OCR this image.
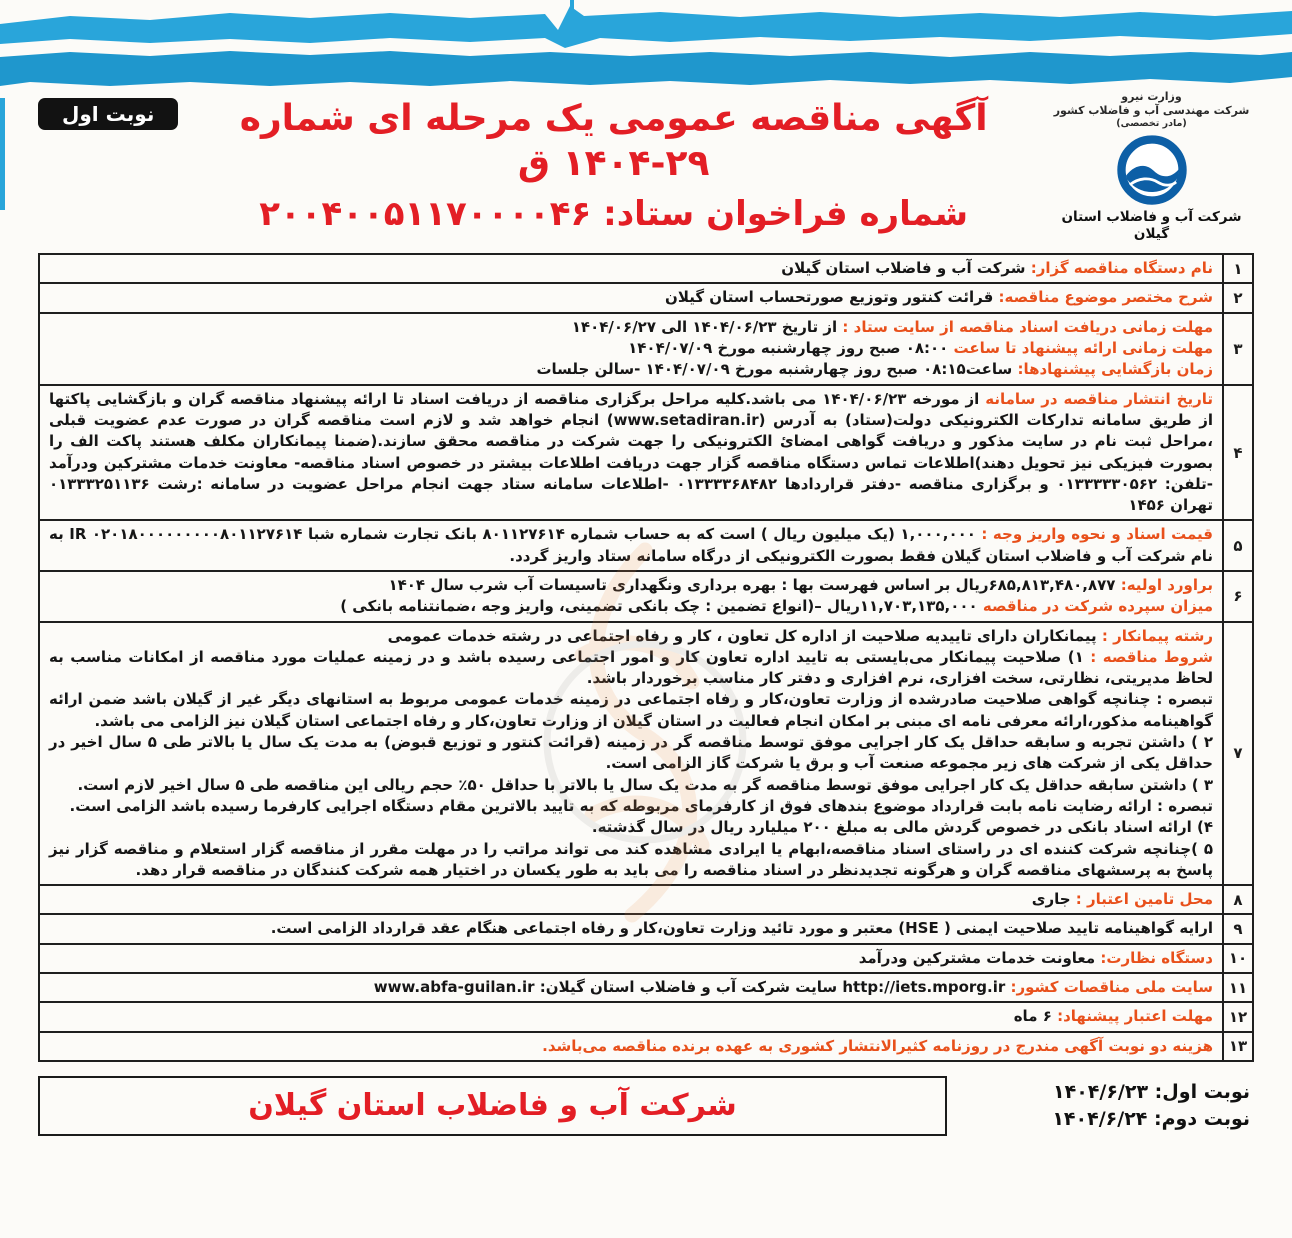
وزارت نیرو
شرکت مهندسی آب و فاضلاب کشور
(مادر تخصصی)
شرکت آب و فاضلاب استان گیلان
آگهی مناقصه عمومی یک مرحله ای شماره ۲۹-۱۴۰۴ ق
شماره فراخوان ستاد: ۲۰۰۴۰۰۵۱۱۷۰۰۰۰۴۶
نوبت اول
۱	نام دستگاه مناقصه گزار: شرکت آب و فاضلاب استان گیلان

۲	شرح مختصر موضوع مناقصه: قرائت کنتور وتوزیع صورتحساب استان گیلان

۳	مهلت زمانی دریافت اسناد مناقصه از سایت ستاد : از تاریخ ۱۴۰۴/۰۶/۲۳ الی ۱۴۰۴/۰۶/۲۷
مهلت زمانی ارائه پیشنهاد تا ساعت ۰۸:۰۰ صبح روز چهارشنبه مورخ ۱۴۰۴/۰۷/۰۹
زمان بازگشایی پیشنهادها: ساعت۰۸:۱۵ صبح روز چهارشنبه مورخ ۱۴۰۴/۰۷/۰۹ -سالن جلسات

۴	تاریخ انتشار مناقصه در سامانه از مورخه ۱۴۰۴/۰۶/۲۳ می باشد.کلیه مراحل برگزاری مناقصه از دریافت اسناد تا ارائه پیشنهاد مناقصه گران و بازگشایی پاکتها از طریق سامانه تدارکات الکترونیکی دولت(ستاد) به آدرس (www.setadiran.ir) انجام خواهد شد و لازم است مناقصه گران در صورت عدم عضویت قبلی ،مراحل ثبت نام در سایت مذکور و دریافت گواهی امضائ الکترونیکی را جهت شرکت در مناقصه محقق سازند.(ضمنا پیمانکاران مکلف هستند پاکت الف را بصورت فیزیکی نیز تحویل دهند)اطلاعات تماس دستگاه مناقصه گزار جهت دریافت اطلاعات بیشتر در خصوص اسناد مناقصه- معاونت خدمات مشترکین ودرآمد -تلفن: ۰۱۳۳۳۳۳۰۵۶۲ و برگزاری مناقصه -دفتر قراردادها ۰۱۳۳۳۳۶۸۴۸۲ -اطلاعات سامانه ستاد جهت انجام مراحل عضویت در سامانه :رشت ۰۱۳۳۳۲۵۱۱۳۶ تهران ۱۴۵۶

۵	قیمت اسناد و نحوه واریز وجه : ۱,۰۰۰,۰۰۰ (یک میلیون ریال ) است که به حساب شماره ۸۰۱۱۲۷۶۱۴ بانک تجارت شماره شبا IR ۰۲۰۱۸۰۰۰۰۰۰۰۰۰۸۰۱۱۲۷۶۱۴ به نام شرکت آب و فاضلاب استان گیلان فقط بصورت الکترونیکی از درگاه سامانه ستاد واریز گردد.

۶	براورد اولیه: ۶۸۵,۸۱۳,۴۸۰,۸۷۷ریال بر اساس فهرست بها : بهره برداری ونگهداری تاسیسات آب شرب سال ۱۴۰۴
میزان سپرده شرکت در مناقصه ۱۱,۷۰۳,۱۳۵,۰۰۰ریال –(انواع تضمین : چک بانکی تضمینی، واریز وجه ،ضمانتنامه بانکی )

۷	
رشته پیمانکار : پیمانکاران دارای تاییدیه صلاحیت از اداره کل تعاون ، کار و رفاه اجتماعی در رشته خدمات عمومی
شروط مناقصه : ۱) صلاحیت پیمانکار می‌بایستی به تایید اداره تعاون کار و امور اجتماعی رسیده باشد و در زمینه عملیات مورد مناقصه از امکانات مناسب به لحاظ مدیریتی، نظارتی، سخت افزاری، نرم افزاری و دفتر کار مناسب برخوردار باشد.
تبصره : چنانچه گواهی صلاحیت صادرشده از وزارت تعاون،کار و رفاه اجتماعی در زمینه خدمات عمومی مربوط به استانهای دیگر غیر از گیلان باشد ضمن ارائه گواهینامه مذکور،ارائه معرفی نامه ای مبنی بر امکان انجام فعالیت در استان گیلان از وزارت تعاون،کار و رفاه اجتماعی استان گیلان نیز الزامی می باشد.
۲ ) داشتن تجربه و سابقه حداقل یک کار اجرایی موفق توسط مناقصه گر در زمینه (قرائت کنتور و توزیع قبوض) به مدت یک سال یا بالاتر طی ۵ سال اخیر در حداقل یکی از شرکت های زیر مجموعه صنعت آب و برق یا شرکت گاز الزامی است.
۳ ) داشتن سابقه حداقل یک کار اجرایی موفق توسط مناقصه گر به مدت یک سال یا بالاتر با حداقل ۵۰٪ حجم ریالی این مناقصه طی ۵ سال اخیر لازم است.
تبصره : ارائه رضایت نامه بابت قرارداد موضوع بندهای فوق از کارفرمای مربوطه که به تایید بالاترین مقام دستگاه اجرایی کارفرما رسیده باشد الزامی است.
۴) ارائه اسناد بانکی در خصوص گردش مالی به مبلغ ۲۰۰ میلیارد ریال در سال گذشته.
۵ )چنانچه شرکت کننده ای در راستای اسناد مناقصه،ابهام یا ایرادی مشاهده کند می تواند مراتب را در مهلت مقرر از مناقصه گزار استعلام و مناقصه گزار نیز پاسخ به پرسشهای مناقصه گران و هرگونه تجدیدنظر در اسناد مناقصه را می باید به طور یکسان در اختیار همه شرکت کنندگان در مناقصه قرار دهد.

۸	محل تامین اعتبار : جاری

۹	ارایه گواهینامه تایید صلاحیت ایمنی ( HSE) معتبر و مورد تائید وزارت تعاون،کار و رفاه اجتماعی هنگام عقد قرارداد الزامی است.

۱۰	دستگاه نظارت: معاونت خدمات مشترکین ودرآمد

۱۱	سایت ملی مناقصات کشور: http://iets.mporg.ir سایت شرکت آب و فاضلاب استان گیلان: www.abfa-guilan.ir

۱۲	مهلت اعتبار پیشنهاد: ۶ ماه

۱۳	هزینه دو نوبت آگهی مندرج در روزنامه کثیرالانتشار کشوری به عهده برنده مناقصه می‌باشد.
نوبت اول: ۱۴۰۴/۶/۲۳
نوبت دوم: ۱۴۰۴/۶/۲۴
شرکت آب و فاضلاب استان گیلان
